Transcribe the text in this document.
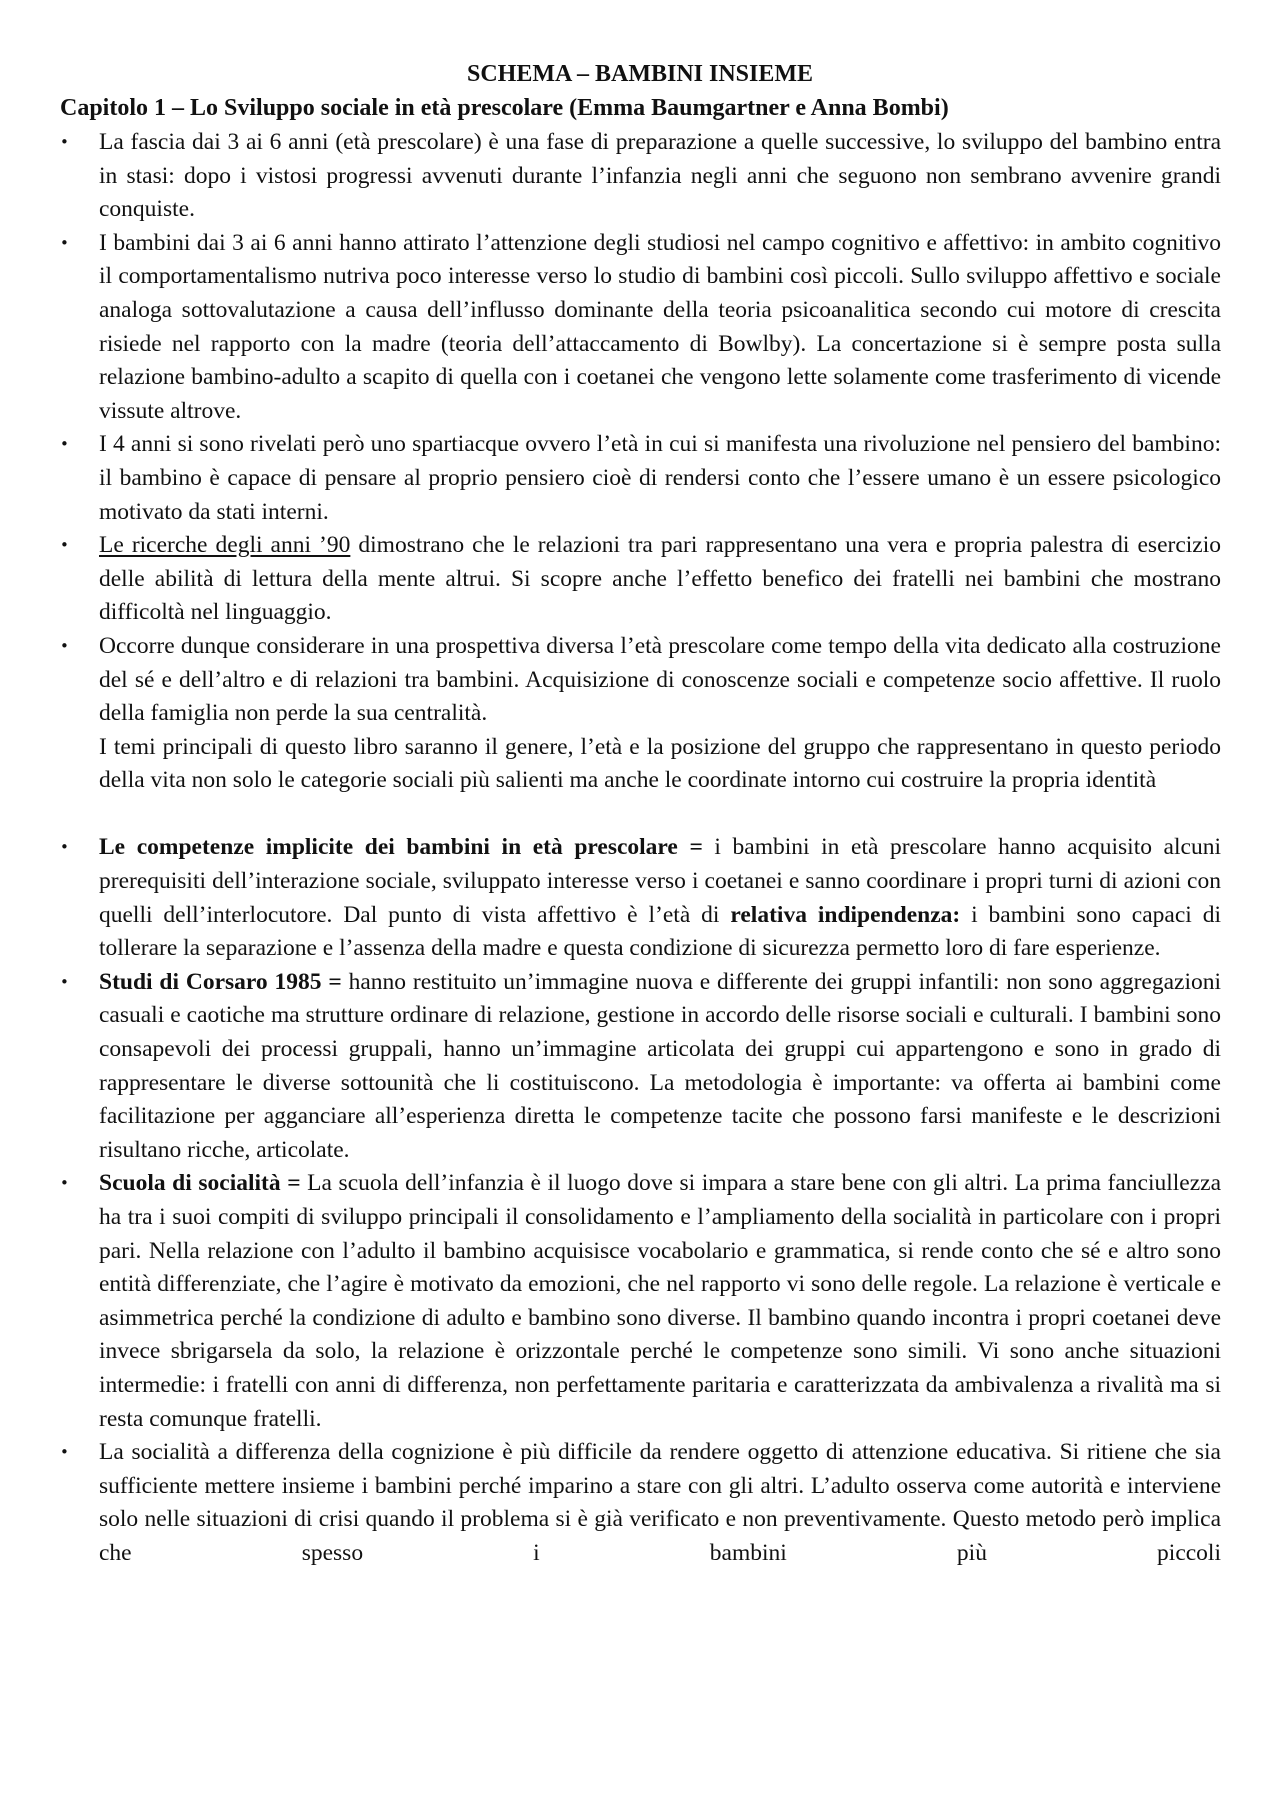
SCHEMA – BAMBINI INSIEME
Capitolo 1 – Lo Sviluppo sociale in età prescolare (Emma Baumgartner e Anna Bombi)
• La fascia dai 3 ai 6 anni (età prescolare) è una fase di preparazione a quelle successive, lo sviluppo del bambino entra in stasi: dopo i vistosi progressi avvenuti durante l’infanzia negli anni che seguono non sembrano avvenire grandi conquiste.

• I bambini dai 3 ai 6 anni hanno attirato l’attenzione degli studiosi nel campo cognitivo e affettivo: in ambito cognitivo il comportamentalismo nutriva poco interesse verso lo studio di bambini così piccoli. Sullo sviluppo affettivo e sociale analoga sottovalutazione a causa dell’influsso dominante della teoria psicoanalitica secondo cui motore di crescita risiede nel rapporto con la madre (teoria dell’attaccamento di Bowlby). La concertazione si è sempre posta sulla relazione bambino-adulto a scapito di quella con i coetanei che vengono lette solamente come trasferimento di vicende vissute altrove.

• I 4 anni si sono rivelati però uno spartiacque ovvero l’età in cui si manifesta una rivoluzione nel pensiero del bambino: il bambino è capace di pensare al proprio pensiero cioè di rendersi conto che l’essere umano è un essere psicologico motivato da stati interni.

• Le ricerche degli anni ’90 dimostrano che le relazioni tra pari rappresentano una vera e propria palestra di esercizio delle abilità di lettura della mente altrui. Si scopre anche l’effetto benefico dei fratelli nei bambini che mostrano difficoltà nel linguaggio.

• Occorre dunque considerare in una prospettiva diversa l’età prescolare come tempo della vita dedicato alla costruzione del sé e dell’altro e di relazioni tra bambini. Acquisizione di conoscenze sociali e competenze socio affettive. Il ruolo della famiglia non perde la sua centralità.

I temi principali di questo libro saranno il genere, l’età e la posizione del gruppo che rappresentano in questo periodo della vita non solo le categorie sociali più salienti ma anche le coordinate intorno cui costruire la propria identità

• Le competenze implicite dei bambini in età prescolare = i bambini in età prescolare hanno acquisito alcuni prerequisiti dell’interazione sociale, sviluppato interesse verso i coetanei e sanno coordinare i propri turni di azioni con quelli dell’interlocutore. Dal punto di vista affettivo è l’età di relativa indipendenza: i bambini sono capaci di tollerare la separazione e l’assenza della madre e questa condizione di sicurezza permetto loro di fare esperienze.

• Studi di Corsaro 1985 = hanno restituito un’immagine nuova e differente dei gruppi infantili: non sono aggregazioni casuali e caotiche ma strutture ordinare di relazione, gestione in accordo delle risorse sociali e culturali. I bambini sono consapevoli dei processi gruppali, hanno un’immagine articolata dei gruppi cui appartengono e sono in grado di rappresentare le diverse sottounità che li costituiscono. La metodologia è importante: va offerta ai bambini come facilitazione per agganciare all’esperienza diretta le competenze tacite che possono farsi manifeste e le descrizioni risultano ricche, articolate.

• Scuola di socialità = La scuola dell’infanzia è il luogo dove si impara a stare bene con gli altri. La prima fanciullezza ha tra i suoi compiti di sviluppo principali il consolidamento e l’ampliamento della socialità in particolare con i propri pari. Nella relazione con l’adulto il bambino acquisisce vocabolario e grammatica, si rende conto che sé e altro sono entità differenziate, che l’agire è motivato da emozioni, che nel rapporto vi sono delle regole. La relazione è verticale e asimmetrica perché la condizione di adulto e bambino sono diverse. Il bambino quando incontra i propri coetanei deve invece sbrigarsela da solo, la relazione è orizzontale perché le competenze sono simili. Vi sono anche situazioni intermedie: i fratelli con anni di differenza, non perfettamente paritaria e caratterizzata da ambivalenza a rivalità ma si resta comunque fratelli.

• La socialità a differenza della cognizione è più difficile da rendere oggetto di attenzione educativa. Si ritiene che sia sufficiente mettere insieme i bambini perché imparino a stare con gli altri. L’adulto osserva come autorità e interviene solo nelle situazioni di crisi quando il problema si è già verificato e non preventivamente. Questo metodo però implica che spesso i bambini più piccoli
